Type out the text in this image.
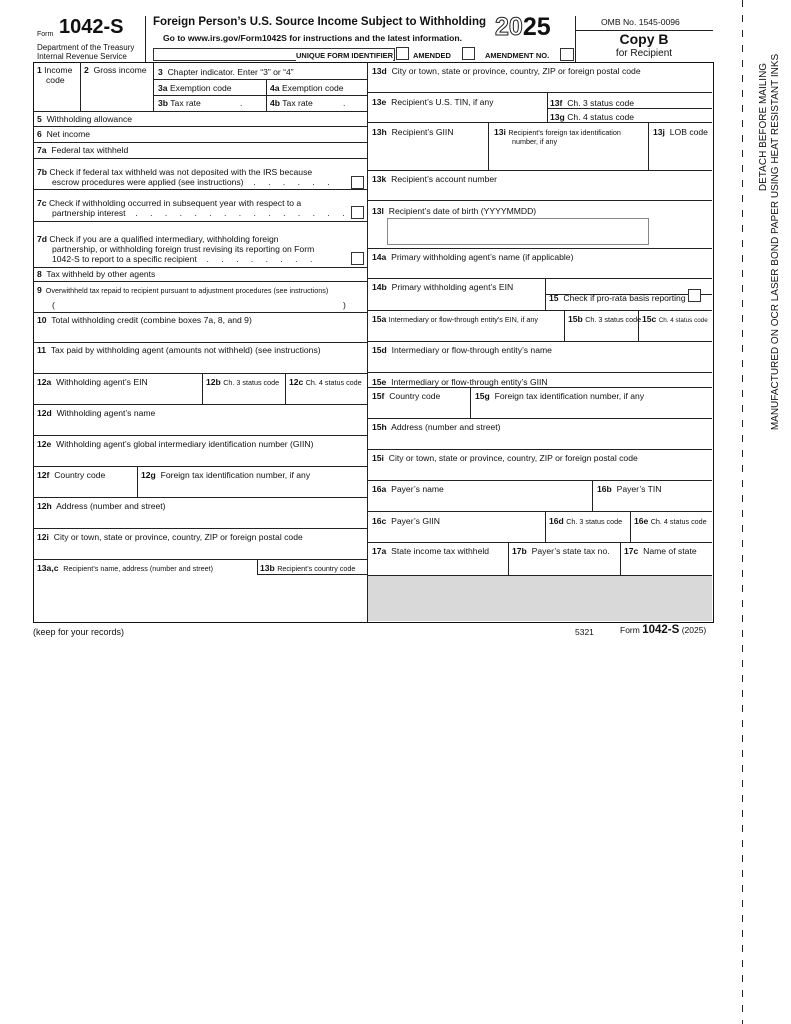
Form 1042-S
Department of the Treasury
Internal Revenue Service
Foreign Person’s U.S. Source Income Subject to Withholding
Go to www.irs.gov/Form1042S for instructions and the latest information. 2025
UNIQUE FORM IDENTIFIER	AMENDED	AMENDMENT NO.
OMB No. 1545-0096
Copy B
for Recipient
1 Income
code
2 Gross income 3 Chapter indicator. Enter “3” or “4”
3a Exemption code	4a Exemption code
3b Tax rate	.	4b Tax rate	.
5 Withholding allowance
6 Net income
7a Federal tax withheld
7b Check if federal tax withheld was not deposited with the IRS because
escrow procedures were applied (see instructions)  . . . . . .
7c Check if withholding occurred in subsequent year with respect to a
partnership interest  . . . . . . . . . . . . . . .
7d Check if you are a qualified intermediary, withholding foreign
partnership, or withholding foreign trust revising its reporting on Form
1042-S to report to a specific recipient  . . . . . . . .
8 Tax withheld by other agents
9 Overwithheld tax repaid to recipient pursuant to adjustment procedures (see instructions)
(	)
10 Total withholding credit (combine boxes 7a, 8, and 9)
11 Tax paid by withholding agent (amounts not withheld) (see instructions)
12a Withholding agent’s EIN	12b Ch. 3 status code 12c Ch. 4 status code
12d Withholding agent’s name
12e Withholding agent’s global intermediary identification number (GIIN)
12f Country code	12g Foreign tax identification number, if any
12h Address (number and street)
12i City or town, state or province, country, ZIP or foreign postal code
13a,c Recipient’s name, address (number and street)	13b Recipient’s country code
13d City or town, state or province, country, ZIP or foreign postal code
13e Recipient’s U.S. TIN, if any	13f Ch. 3 status code
13g Ch. 4 status code
13h Recipient’s GIIN	13i Recipient’s foreign tax identification
number, if any
13j LOB code
13k Recipient’s account number
13l Recipient’s date of birth (YYYYMMDD)
14a Primary withholding agent’s name (if applicable)
14b Primary withholding agent’s EIN
15 Check if pro-rata basis reporting
15a Intermediary or flow-through entity’s EIN, if any	15b Ch. 3 status code 15c Ch. 4 status code
15d Intermediary or flow-through entity’s name
15e Intermediary or flow-through entity’s GIIN
15f Country code	15g Foreign tax identification number, if any
15h Address (number and street)
15i City or town, state or province, country, ZIP or foreign postal code
16a Payer’s name	16b Payer’s TIN
16c Payer’s GIIN	16d Ch. 3 status code 16e Ch. 4 status code
17a State income tax withheld	17b Payer’s state tax no. 17c Name of state
(keep for your records)	5321	Form 1042-S (2025)
DETACH BEFORE MAILING MANUFACTURED ON OCR LASER BOND PAPER USING HEAT RESISTANT INKS
